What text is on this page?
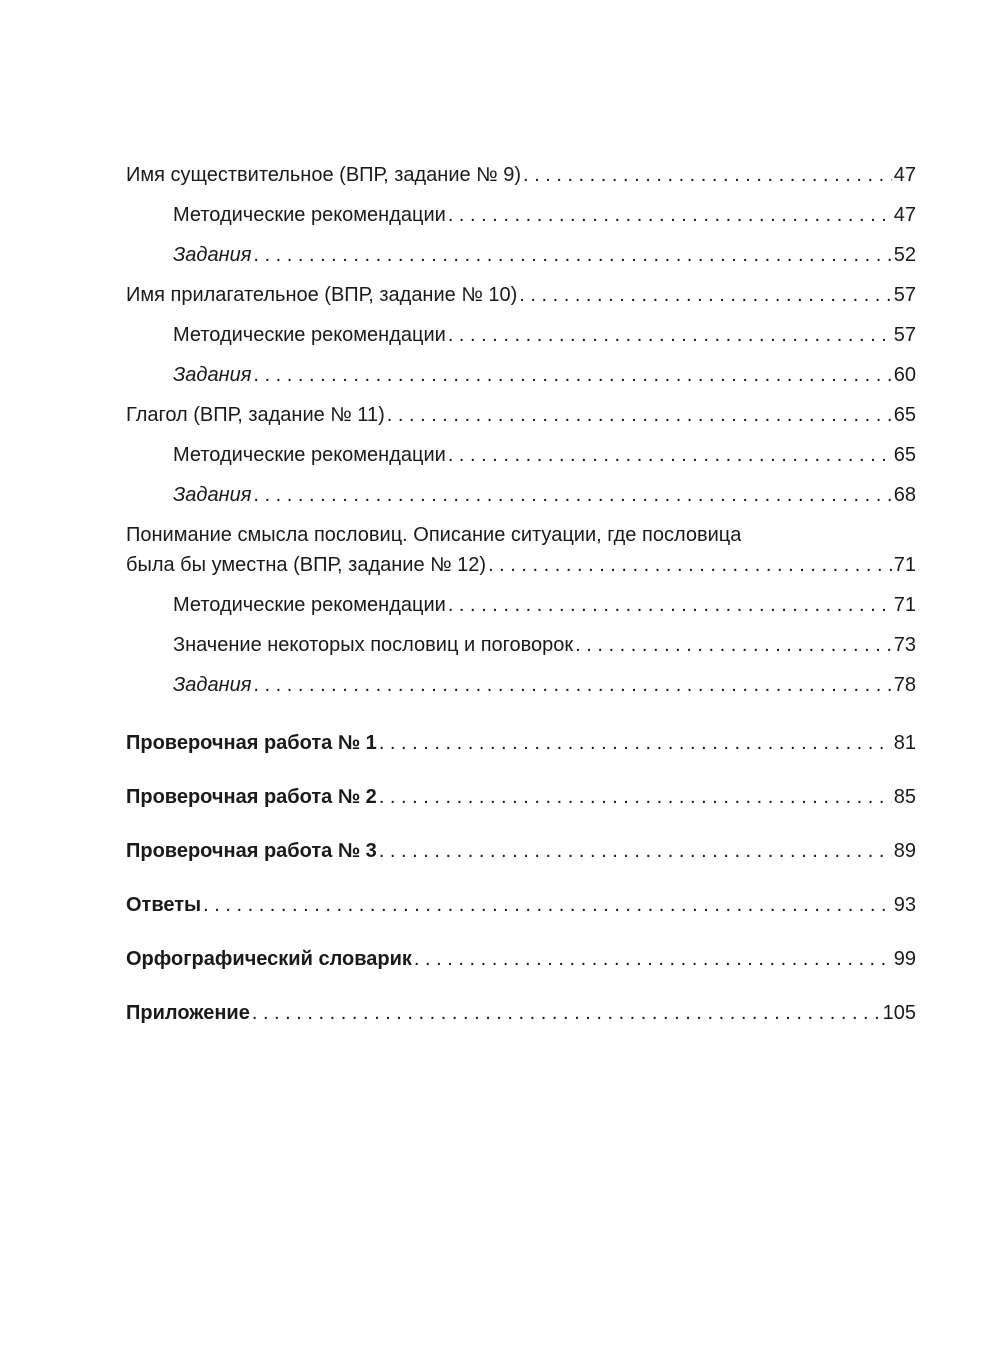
Имя существительное (ВПР, задание № 9) . . .	47
Методические рекомендации . . .	47
Задания . . .	52
Имя прилагательное (ВПР, задание № 10) . . .	57
Методические рекомендации . . .	57
Задания . . .	60
Глагол (ВПР, задание № 11) . . .	65
Методические рекомендации . . .	65
Задания . . .	68
Понимание смысла пословиц. Описание ситуации, где пословица
была бы уместна (ВПР, задание № 12) . . .	71
Методические рекомендации . . .	71
Значение некоторых пословиц и поговорок . . .	73
Задания . . .	78
Проверочная работа № 1 . . .	81
Проверочная работа № 2 . . .	85
Проверочная работа № 3 . . .	89
Ответы . . .	93
Орфографический словарик . . .	99
Приложение . . .	105
